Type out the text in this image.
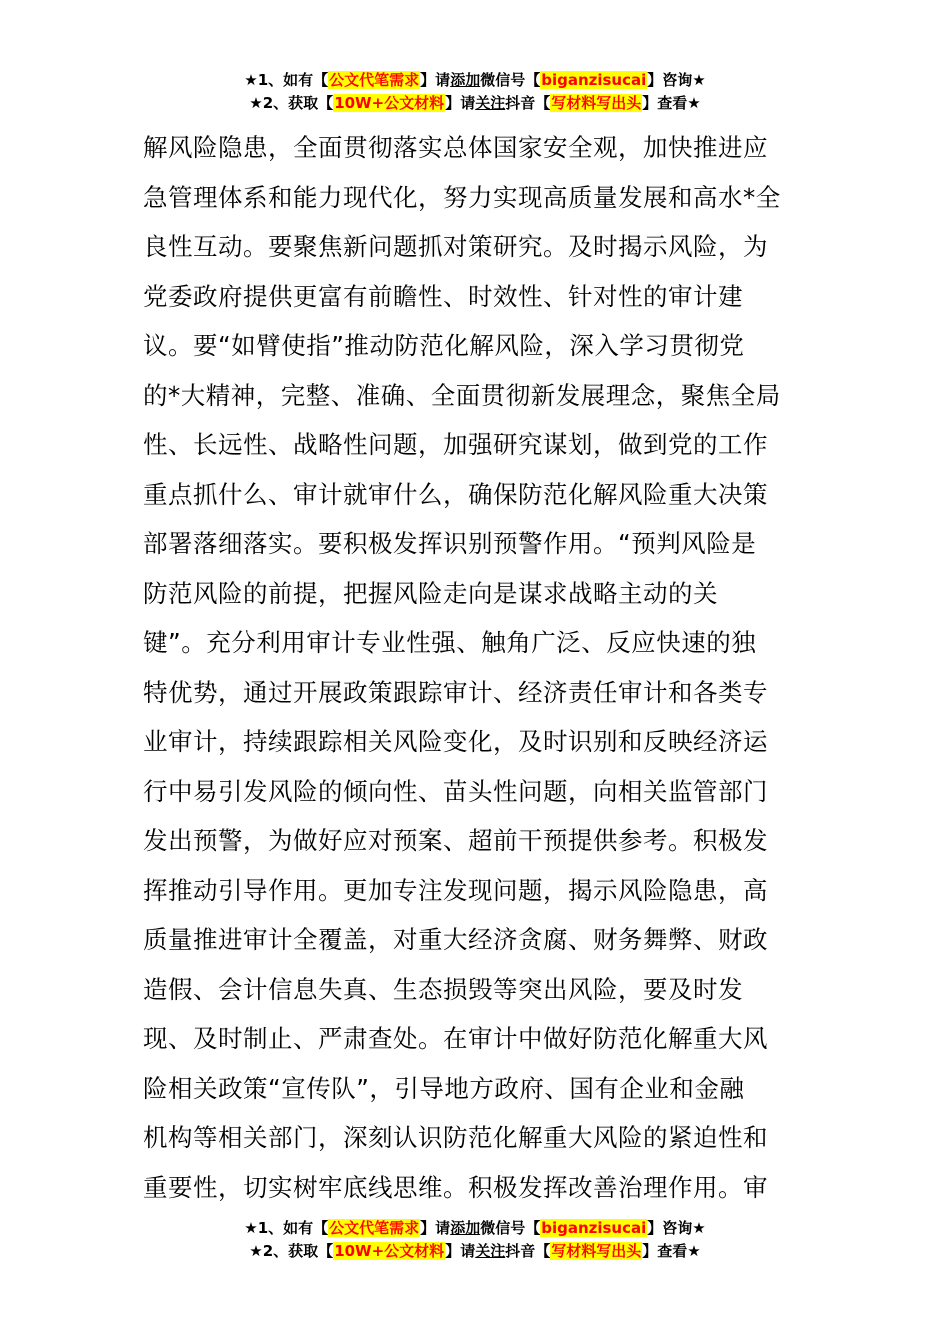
★1、如有【公文代笔需求】请添加微信号【biganzisucai】咨询★
★2、获取【10W+公文材料】请关注抖音【写材料写出头】查看★
解风险隐患，全面贯彻落实总体国家安全观，加快推进应
急管理体系和能力现代化，努力实现高质量发展和高水*全
良性互动。要聚焦新问题抓对策研究。及时揭示风险，为
党委政府提供更富有前瞻性、时效性、针对性的审计建
议。要“如臂使指”推动防范化解风险，深入学习贯彻党
的*大精神，完整、准确、全面贯彻新发展理念，聚焦全局
性、长远性、战略性问题，加强研究谋划，做到党的工作
重点抓什么、审计就审什么，确保防范化解风险重大决策
部署落细落实。要积极发挥识别预警作用。“预判风险是
防范风险的前提，把握风险走向是谋求战略主动的关
键”。充分利用审计专业性强、触角广泛、反应快速的独
特优势，通过开展政策跟踪审计、经济责任审计和各类专
业审计，持续跟踪相关风险变化，及时识别和反映经济运
行中易引发风险的倾向性、苗头性问题，向相关监管部门
发出预警，为做好应对预案、超前干预提供参考。积极发
挥推动引导作用。更加专注发现问题，揭示风险隐患，高
质量推进审计全覆盖，对重大经济贪腐、财务舞弊、财政
造假、会计信息失真、生态损毁等突出风险，要及时发
现、及时制止、严肃查处。在审计中做好防范化解重大风
险相关政策“宣传队”，引导地方政府、国有企业和金融
机构等相关部门，深刻认识防范化解重大风险的紧迫性和
重要性，切实树牢底线思维。积极发挥改善治理作用。审
★1、如有【公文代笔需求】请添加微信号【biganzisucai】咨询★
★2、获取【10W+公文材料】请关注抖音【写材料写出头】查看★
